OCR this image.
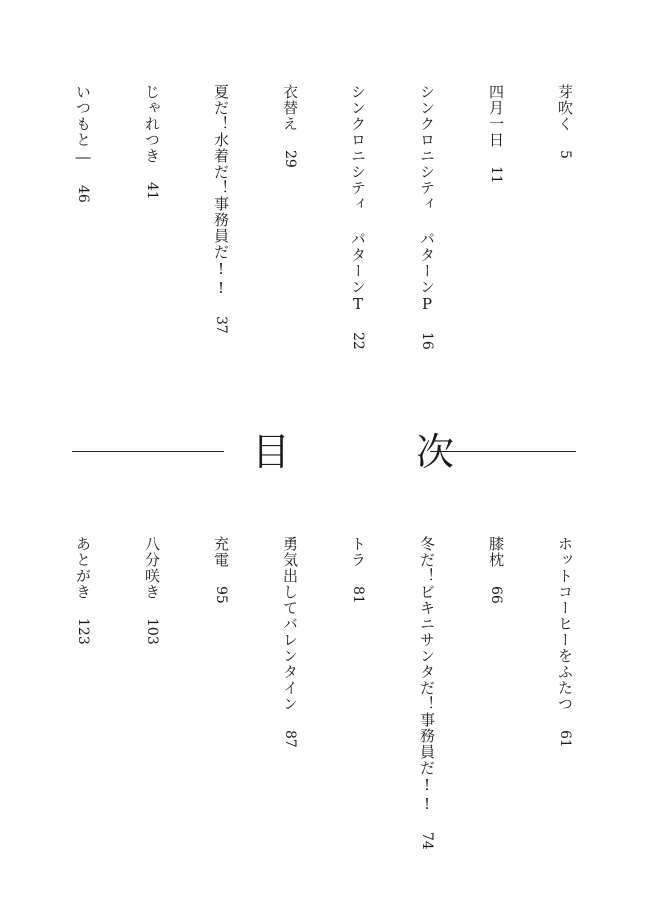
芽吹く5
四月一日11
シンクロニシティ パターンP16
シンクロニシティ パターンT22
衣替え29
夏だ！水着だ！事務員だ!!37
じゃれつき41
いつもと―46
目　次
ホットコーヒーをふたつ61
膝枕66
冬だ！ビキニサンタだ！事務員だ!!74
トラ81
勇気出してバレンタイン87
充電95
八分咲き103
あとがき123
